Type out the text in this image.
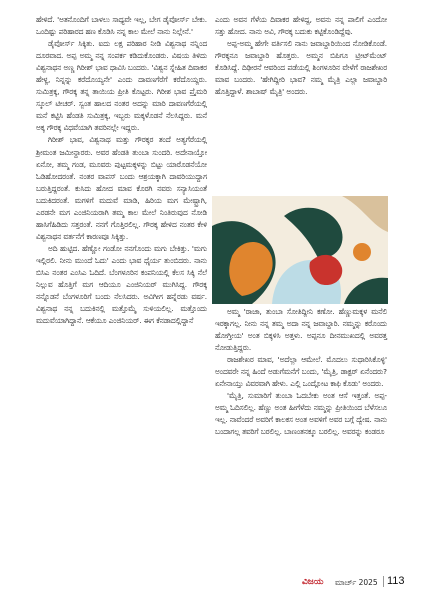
ಹೇಳಿದೆ. 'ಅತನೊಂದಿಗೆ ಬಾಳಲು ಸಾಧ್ಯವೇ ಇಲ್ಲ, ಬೇಗ ಡೈವೋರ್ಸ್ ಬೇಕು. ಒಂದಿಷ್ಟು ಪರಿಹಾರದ ಹಣ ಕೊಡಿಸಿ ನನ್ನ ಕಾಲ ಮೇಲೆ ನಾನು ನಿಲ್ಲೇನೆ.'

ಡೈವೋರ್ಸ್ ಸಿಕ್ಕಿತು. ಐದು ಲಕ್ಷ ಪರಿಹಾರ ನೀಡಿ ವಿಶ್ವನಾಥ ನನ್ನಿಂದ ದೂರವಾದ. ಅಪ್ಪ ಅಮ್ಮ ನನ್ನ ಸಂಪರ್ಕ ಕಡಿದುಕೊಂಡರು. ವಿಷಯ ತಿಳಿದು ವಿಶ್ವನಾಥನ ಅಣ್ಣ ಗಿರೀಶ್ ಭಾವ ಧಾವಿಸಿ ಬಂದರು. 'ವಿಶ್ವನ ಸ್ನೇಹಿತ ದಿವಾಕರ ಹೇಳ್ದ, ನಿನ್ನನ್ನು ಕರೆದೊಯ್ಯನೇ' ಎಂದು ದಾವಣಗೆರೆಗೆ ಕರೆದೊಯ್ದರು. ಸುಮಿತ್ರಕ್ಕ, ಗೌರಕ್ಕ ತನ್ನ ತಾಯಿಯ ಪ್ರೀತಿ ಕೊಟ್ಟರು. ಗಿರೀಶ ಭಾವ ಪ್ರೈಮರಿ ಸ್ಕೂಲ್ ಟೀಚರ್. ಸ್ವಂತ ಹಾಲದ ನಂತರ ಅದನ್ನು ಮಾರಿ ದಾವಣಗೆರೆಯಲ್ಲಿ ಮನೆ ಕಟ್ಟಿಸಿ ಹೆಂಡತಿ ಸುಮಿತ್ರಕ್ಕ, ಇಬ್ಬರು ಮಕ್ಕಳೊಡನೆ ನೆಲಸಿದ್ದರು. ಮನೆ ಅಕ್ಕ ಗೌರಕ್ಕ ವಿಧವೆಯಾಗಿ ತವರಿನಲ್ಲೇ ಇದ್ದರು.

ಗಿರೀಶ್ ಭಾವ, ವಿಶ್ವನಾಥ ಮತ್ತು ಗೌರಕ್ಕರ ತಂದೆ ಅತ್ಯಗೆರೆಯಲ್ಲಿ ಶ್ರೀಮಂತ ಜಮೀನ್ದಾರರು. ಅವರ ಹೆಂಡತಿ ತುಂಬಾ ಸುಂದರಿ. ಅದೇನಾಯ್ತೋ ಏನೋ, ತಮ್ಮ ಗಂಡ, ಮೂವರು ಪುಟ್ಟಮಕ್ಕಳನ್ನು ಬಿಟ್ಟು ಯಾರೊಡನೆಯೋ ಓಡಿಹೋದರಂತೆ. ನಂತರ ವಾಪಸ್ ಬಂದು ಆಶ್ರಯಕ್ಕಾಗಿ ದಾವರಿಯುದ್ದಾಗ ಬರುತ್ತಿದ್ದರಂತೆ. ಕುಸಿದು ಹೋದ ಮಾವ ಕೊರಗಿ ನವರು ಸನ್ಯಾಸಿಯಂತೆ ಬದುಕಿದರಂತೆ. ಮಗಳಿಗೆ ಮದುವೆ ಮಾಡಿ, ಹಿರಿಯ ಮಗ ಮೇಷ್ಟ್ರಾಗಿ, ಎರಡನೇ ಮಗ ಎಂಜಿನಿಯರಾಗಿ ತಮ್ಮ ಕಾಲ ಮೇಲೆ ನಿಂತಿರುವುದ ನೋಡಿ ಹಾಸಿಗೆಹಿಡಿದು ಸತ್ತರಂತೆ. ನನಗೆ ಗೊತ್ತಿರಲಿಲ್ಲ. ಗೌರಕ್ಕ ಹೇಳಿದ ನಂತರ ಕೇಳಿ ವಿಶ್ವನಾಥನ ವರ್ತನೆಗೆ ಕಾರಣವೂ ಸಿಕ್ಕಿತ್ತು.

ಅದಿ ಹುಟ್ಟಿದ. ಹೆಣ್ಣೋ ಗಂಡೋ ನನಗೊಂದು ಮಗು ಬೇಕಿತ್ತು. 'ಮಗು ಇಲ್ಲಿರಲಿ. ನೀನು ಮುಂದೆ ಓದು' ಎಂದು ಭಾವ ಧೈರ್ಯ ತುಂಬಿದರು. ನಾನು ಬಿಸಿಎ ನಂತರ ಎಂಸಿಎ ಓದಿದೆ. ಬೆಂಗಳೂರಿನ ಕಂಪನಿಯಲ್ಲಿ ಕೆಲಸ ಸಿಕ್ಕಿ ನೆಲೆ ನಿಲ್ಲುವ ಹೊತ್ತಿಗೆ ಮಗ ಆದಿಯೂ ಎಂಜಿನಿಯರ್ ಮುಗಿಸಿದ್ದ. ಗೌರಕ್ಕ ನನ್ನೊಡನೆ ಬೆಂಗಳೂರಿಗೆ ಬಂದು ನೆಲಸಿದರು. ಅವಿಗೀಗ ಹನ್ನೆರಡು ವರ್ಷ. ವಿಶ್ವನಾಥ ನನ್ನ ಬದುಕಿನಲ್ಲಿ ಮತ್ತೊಮ್ಮೆ ಸುಳಿಯಲಿಲ್ಲ. ಮತ್ತೊಂದು ಮದುವೆಯಾಗಿದ್ದಾನೆ. ಆಕೆಯೂ ಎಂಜಿನಿಯರ್. ಈಗ ಕೆನಡಾದಲ್ಲಿದ್ದಾನೆ

ಎಂದು ಅವನ ಗೆಳೆಯ ದಿವಾಕರ ಹೇಳಿದ್ದ, ಅವನು ನನ್ನ ಪಾಲಿಗೆ ಎಂದೋ ಸತ್ತು ಹೋದ. ನಾನು ಅವಿ, ಗೌರಕ್ಕ ಬದುಕು ಕಟ್ಟಿಕೊಂಡಿದ್ದೆವು.

ಅಪ್ಪ-ಅಮ್ಮ ಹೇಗೇ ವರ್ತಿಸಲಿ ನಾನು ಜವಾಬ್ದಾರಿಯಿಂದ ನೋಡಿಕೊಂಡೆ. ಗೌರಕ್ಕನೂ ಜವಾಬ್ದಾರಿ ಹೊತ್ತರು. ಅಮ್ಮನ ಬಿಪಿಗೂ ಟ್ರೀಟ್‌ಮೆಂಟ್ ಕೊಡಿಸಿದ್ದೆ. ದಿಢೀರನೆ ಆವರಿಂದ ಪಡೆಯಲ್ಲಿ ಶಿಂಗಳೂರಿನ ವೇಳೆಗೆ ರಾಜಶೇಖರ ಮಾವ ಬಂದರು. 'ಹೇಗಿದ್ದೀರಿ ಭಾವ? ನಮ್ಮ ಮೈತ್ರಿ ಎಲ್ಲಾ ಜವಾಬ್ದಾರಿ ಹೊತ್ತಿದ್ದಾಳೆ. ಶಾಬಾಷ್ ಮೈತ್ರಿ' ಅಂದರು.

ಅಮ್ಮ 'ರಾಜಾ, ತುಂಬಾ ಸೋತಿದ್ದೀನಿ ಕಣೋ. ಹೆಣ್ಣುಮಕ್ಕಳ ಮನೆಲಿ ಇರಕ್ಕಾಗಲ್ಲ. ನೀನು ನನ್ನ ತಮ್ಮ ಅದಾ ನನ್ನ ಜವಾಬ್ದಾರಿ. ನಮ್ಮನ್ನು ಕರೊಂದು ಹೋಗ್ತೀಯ' ಅಂತ ಬಿಕ್ಕಳಿಸಿ ಅತ್ತಳು. ಅಪ್ಪನೂ ದೀನಮುಖದಲ್ಲಿ ಅವರತ್ತ ನೋಡುತ್ತಿದ್ದರು.

ರಾಜಶೇಖರ ಮಾವ, 'ಅದೆಲ್ಲಾ ಆಮೇಲೆ. ಮೊದಲು ಸುಧಾರಿಸಿಕೊಳ್ಳಿ' ಅಂದವರೇ ನನ್ನ ಹಿಂದೆ ಅಡುಗೆಮನೆಗೆ ಬಂದು, 'ಮೈತ್ರಿ, ಡಾಕ್ಟರ್ ಏನೆಂದರು? ಏನೇನಾಯ್ತು ವಿವರವಾಗಿ ಹೇಳು. ಎಲ್ಲಿ ಒಂದ್ಲೋಟ ಕಾಫಿ ಕೊಡು' ಅಂದರು.

'ಮೈತ್ರಿ, ಸುಮಾರಿಗೆ ತುಂಬಾ ಓದಬೇಕು ಅಂತ ಆಸೆ ಇತ್ತಂತೆ. ಅಪ್ಪ-ಅಮ್ಮ ಓದಿಸಲಿಲ್ಲ. ಹೆಣ್ಣು ಅಂತ ಹೀಗೆಳೆದು ನಮ್ಮನ್ನು ಪ್ರೀತಿಯಿಂದ ಬೆಳೆಸಲೂ ಇಲ್ಲ. ನಾವೆಂದರೆ ಅವರಿಗೆ ಕಾಲಕಸ ಅಂತ ಅವಳಿಗೆ ಅವರ ಬಗ್ಗೆ ದ್ವೇಷ. ನಾನು ಬಂದಾಗಲ್ಲ ತವರಿಗೆ ಬರಲಿಲ್ಲ. ಬಾಣಂತನಕ್ಕೂ ಬರಲಿಲ್ಲ. ಅವರನ್ನು ಕಂಡರೂ

ವಿಜಯ ಮಾರ್ಚ್ 2025 113
